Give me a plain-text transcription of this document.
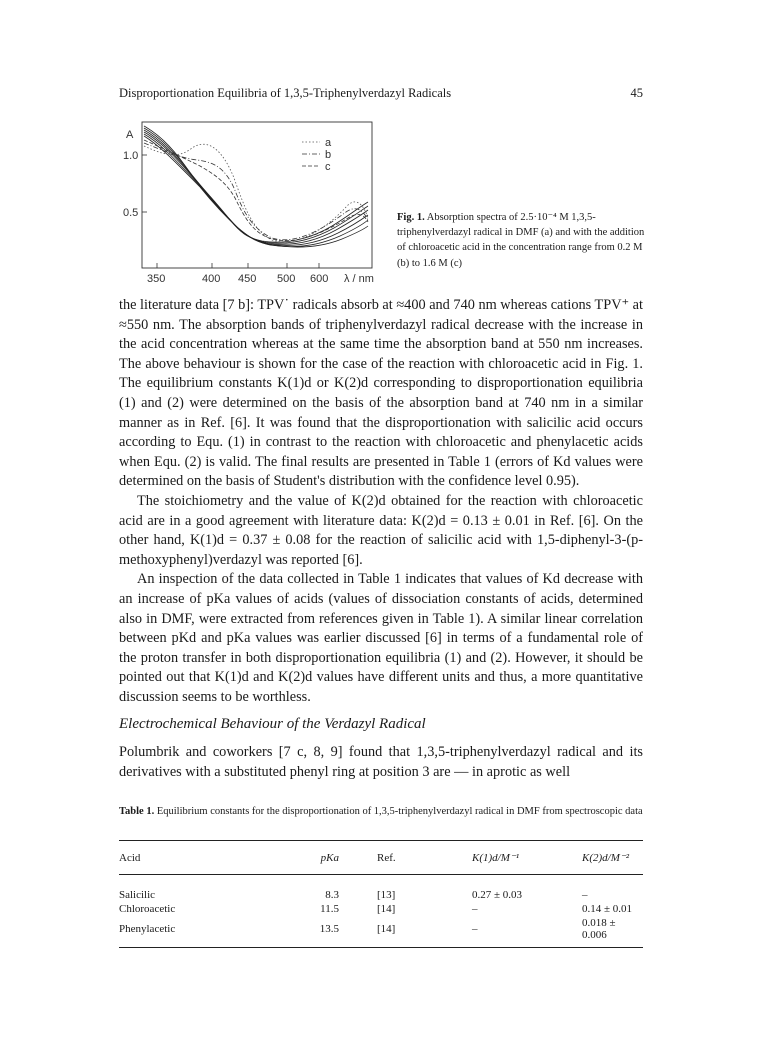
Disproportionation Equilibria of 1,3,5-Triphenylverdazyl Radicals	45
a
b
c
A
1.0
0.5
350	400 450 500 600 λ / nm
Fig. 1. Absorption spectra of 2.5·10⁻⁴ M 1,3,5-triphenylverdazyl radical in DMF (a) and with the addition of chloroacetic acid in the concentration range from 0.2 M (b) to 1.6 M (c)

the literature data [7 b]: TPV˙ radicals absorb at ≈400 and 740 nm whereas cations TPV⁺ at ≈550 nm. The absorption bands of triphenylverdazyl radical decrease with the increase in the acid concentration whereas at the same time the absorption band at 550 nm increases. The above behaviour is shown for the case of the reaction with chloroacetic acid in Fig. 1. The equilibrium constants K(1)d or K(2)d corresponding to disproportionation equilibria (1) and (2) were determined on the basis of the absorption band at 740 nm in a similar manner as in Ref. [6]. It was found that the disproportionation with salicilic acid occurs according to Equ. (1) in contrast to the reaction with chloroacetic and phenylacetic acids when Equ. (2) is valid. The final results are presented in Table 1 (errors of Kd values were determined on the basis of Student's distribution with the confidence level 0.95).

The stoichiometry and the value of K(2)d obtained for the reaction with chloroacetic acid are in a good agreement with literature data: K(2)d = 0.13 ± 0.01 in Ref. [6]. On the other hand, K(1)d = 0.37 ± 0.08 for the reaction of salicilic acid with 1,5-diphenyl-3-(p-methoxyphenyl)verdazyl was reported [6].

An inspection of the data collected in Table 1 indicates that values of Kd decrease with an increase of pKa values of acids (values of dissociation constants of acids, determined also in DMF, were extracted from references given in Table 1). A similar linear correlation between pKd and pKa values was earlier discussed [6] in terms of a fundamental role of the proton transfer in both disproportionation equilibria (1) and (2). However, it should be pointed out that K(1)d and K(2)d values have different units and thus, a more quantitative discussion seems to be worthless.

Electrochemical Behaviour of the Verdazyl Radical
Polumbrik and coworkers [7 c, 8, 9] found that 1,3,5-triphenylverdazyl radical and its derivatives with a substituted phenyl ring at position 3 are — in aprotic as well
Table 1. Equilibrium constants for the disproportionation of 1,3,5-triphenylverdazyl radical in DMF from spectroscopic data
Acid	pKa	Ref.	K(1)d/M⁻¹	K(2)d/M⁻²
Salicilic	8.3	[13]	0.27 ± 0.03	–
Chloroacetic	11.5	[14]	–	0.14 ± 0.01
Phenylacetic	13.5	[14]	–	0.018 ± 0.006
